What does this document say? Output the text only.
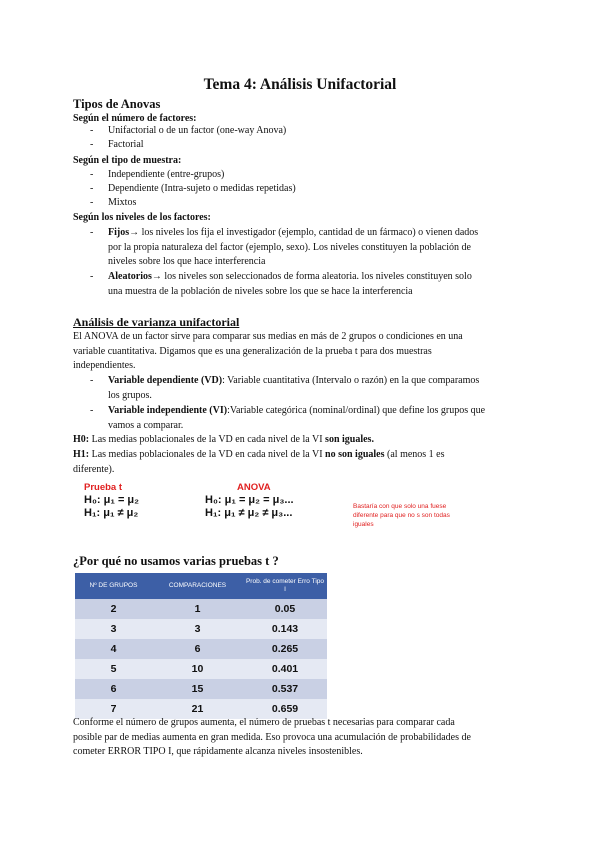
Tema 4: Análisis Unifactorial
Tipos de Anovas
Según el número de factores:
- Unifactorial o de un factor (one-way Anova)
- Factorial
Según el tipo de muestra:
- Independiente (entre-grupos)
- Dependiente (Intra-sujeto o medidas repetidas)
- Mixtos
Según los niveles de los factores:
- Fijos→ los niveles los fija el investigador (ejemplo, cantidad de un fármaco) o vienen dados
por la propia naturaleza del factor (ejemplo, sexo). Los niveles constituyen la población de
niveles sobre los que hace interferencia
- Aleatorios→ los niveles son seleccionados de forma aleatoria. los niveles constituyen solo
una muestra de la población de niveles sobre los que se hace la interferencia
Análisis de varianza unifactorial
El ANOVA de un factor sirve para comparar sus medias en más de 2 grupos o condiciones en una
variable cuantitativa. Digamos que es una generalización de la prueba t para dos muestras
independientes.
- Variable dependiente (VD): Variable cuantitativa (Intervalo o razón) en la que comparamos
los grupos.
- Variable independiente (VI):Variable categórica (nominal/ordinal) que define los grupos que
vamos a comparar.
H0: Las medias poblacionales de la VD en cada nivel de la VI son iguales.
H1: Las medias poblacionales de la VD en cada nivel de la VI no son iguales (al menos 1 es
diferente).
Prueba t
H₀: μ₁ = μ₂
H₁: μ₁ ≠ μ₂
ANOVA
H₀: μ₁ = μ₂ = μ₃...
H₁: μ₁ ≠ μ₂ ≠ μ₃...
Bastaría con que solo una fuese diferente para que no s son todas iguales
¿Por qué no usamos varias pruebas t ?
Nº DE GRUPOS	COMPARACIONES	Prob. de cometer Erro Tipo I
2	1	0.05
3	3	0.143
4	6	0.265
5	10	0.401
6	15	0.537
7	21	0.659
Conforme el número de grupos aumenta, el número de pruebas t necesarias para comparar cada
posible par de medias aumenta en gran medida. Eso provoca una acumulación de probabilidades de
cometer ERROR TIPO I, que rápidamente alcanza niveles insostenibles.
